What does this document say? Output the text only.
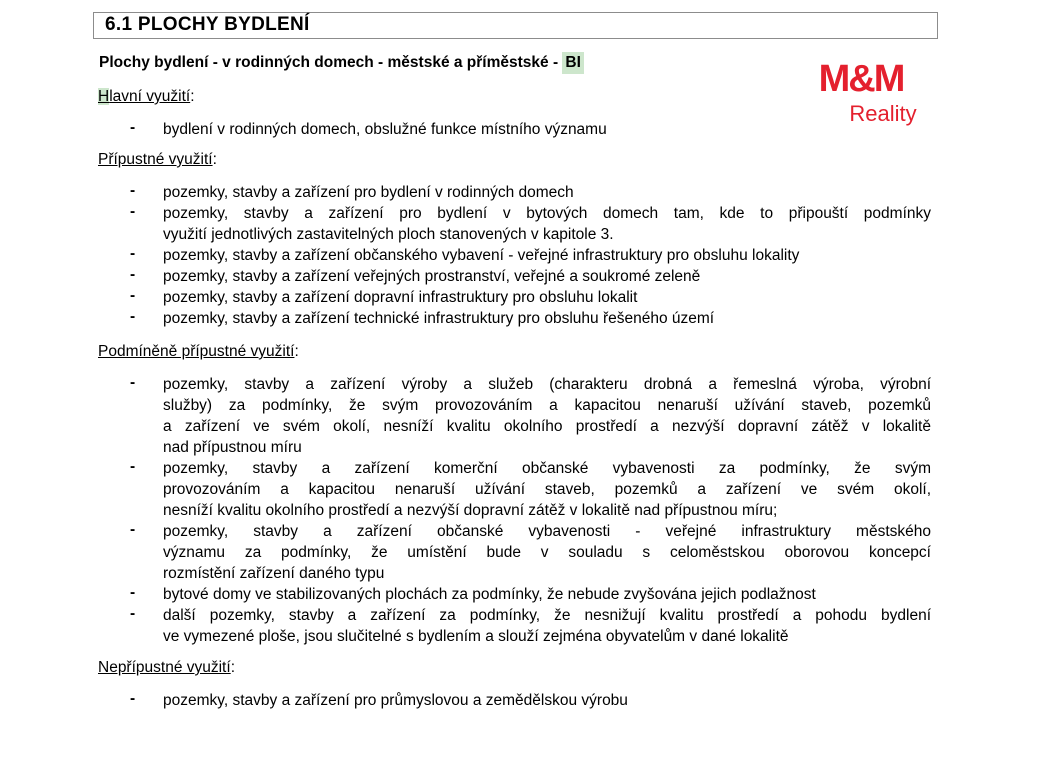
6.1 PLOCHY BYDLENÍ
Plochy bydlení - v rodinných domech - městské a příměstské - BI	M&M
Reality
Hlavní využití:
Přípustné využití:
Podmíněně přípustné využití:
Nepřípustné využití:
- bydlení v rodinných domech, obslužné funkce místního významu
- pozemky, stavby a zařízení pro bydlení v rodinných domech
- pozemky, stavby a zařízení pro bydlení v bytových domech tam, kde to připouští podmínky
využití jednotlivých zastavitelných ploch stanovených v kapitole 3.
- pozemky, stavby a zařízení občanského vybavení - veřejné infrastruktury pro obsluhu lokality
- pozemky, stavby a zařízení veřejných prostranství, veřejné a soukromé zeleně
- pozemky, stavby a zařízení dopravní infrastruktury pro obsluhu lokalit
- pozemky, stavby a zařízení technické infrastruktury pro obsluhu řešeného území
- pozemky, stavby a zařízení výroby a služeb (charakteru drobná a řemeslná výroba, výrobní
služby) za podmínky, že svým provozováním a kapacitou nenaruší užívání staveb, pozemků
a zařízení ve svém okolí, nesníží kvalitu okolního prostředí a nezvýší dopravní zátěž v lokalitě
nad přípustnou míru
- pozemky, stavby a zařízení komerční občanské vybavenosti za podmínky, že svým
provozováním a kapacitou nenaruší užívání staveb, pozemků a zařízení ve svém okolí,
nesníží kvalitu okolního prostředí a nezvýší dopravní zátěž v lokalitě nad přípustnou míru;
- pozemky, stavby a zařízení občanské vybavenosti - veřejné infrastruktury městského
významu za podmínky, že umístění bude v souladu s celoměstskou oborovou koncepcí
rozmístění zařízení daného typu
- bytové domy ve stabilizovaných plochách za podmínky, že nebude zvyšována jejich podlažnost
- další pozemky, stavby a zařízení za podmínky, že nesnižují kvalitu prostředí a pohodu bydlení
ve vymezené ploše, jsou slučitelné s bydlením a slouží zejména obyvatelům v dané lokalitě
- pozemky, stavby a zařízení pro průmyslovou a zemědělskou výrobu
